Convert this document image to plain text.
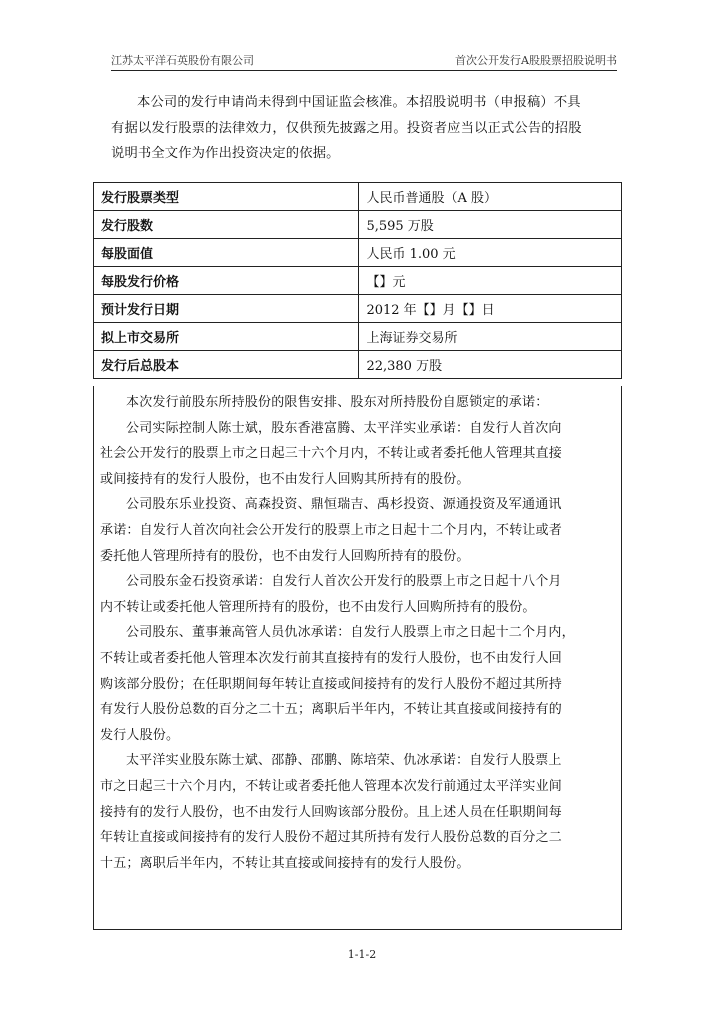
江苏太平洋石英股份有限公司	首次公开发行A股股票招股说明书
本公司的发行申请尚未得到中国证监会核准。本招股说明书（申报稿）不具
有据以发行股票的法律效力，仅供预先披露之用。投资者应当以正式公告的招股
说明书全文作为作出投资决定的依据。
发行股票类型	人民币普通股（A 股）
发行股数	5,595 万股
每股面值	人民币 1.00 元
每股发行价格	【】元
预计发行日期	2012 年【】月【】日
拟上市交易所	上海证券交易所
发行后总股本	22,380 万股
本次发行前股东所持股份的限售安排、股东对所持股份自愿锁定的承诺：
公司实际控制人陈士斌，股东香港富腾、太平洋实业承诺：自发行人首次向
社会公开发行的股票上市之日起三十六个月内，不转让或者委托他人管理其直接
或间接持有的发行人股份，也不由发行人回购其所持有的股份。
公司股东乐业投资、高森投资、鼎恒瑞吉、禹杉投资、源通投资及军通通讯
承诺：自发行人首次向社会公开发行的股票上市之日起十二个月内，不转让或者
委托他人管理所持有的股份，也不由发行人回购所持有的股份。
公司股东金石投资承诺：自发行人首次公开发行的股票上市之日起十八个月
内不转让或委托他人管理所持有的股份，也不由发行人回购所持有的股份。
公司股东、董事兼高管人员仇冰承诺：自发行人股票上市之日起十二个月内，
不转让或者委托他人管理本次发行前其直接持有的发行人股份，也不由发行人回
购该部分股份；在任职期间每年转让直接或间接持有的发行人股份不超过其所持
有发行人股份总数的百分之二十五；离职后半年内，不转让其直接或间接持有的
发行人股份。
太平洋实业股东陈士斌、邵静、邵鹏、陈培荣、仇冰承诺：自发行人股票上
市之日起三十六个月内，不转让或者委托他人管理本次发行前通过太平洋实业间
接持有的发行人股份，也不由发行人回购该部分股份。且上述人员在任职期间每
年转让直接或间接持有的发行人股份不超过其所持有发行人股份总数的百分之二
十五；离职后半年内，不转让其直接或间接持有的发行人股份。
1-1-2
